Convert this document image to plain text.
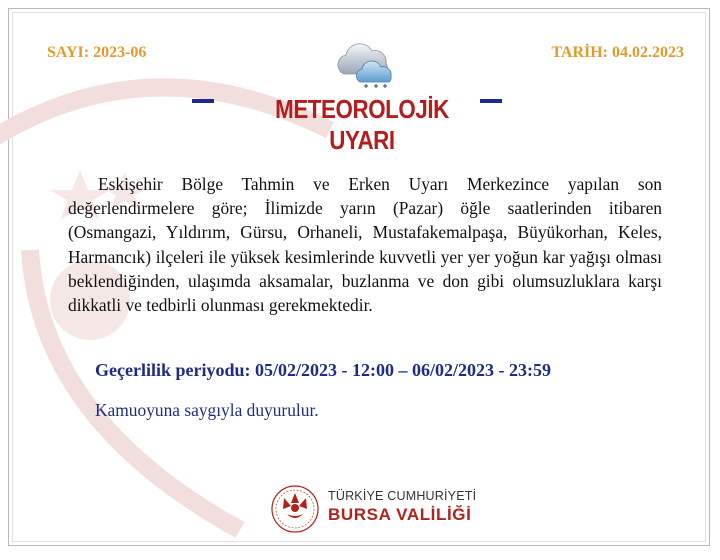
SAYI: 2023-06	TARİH: 04.02.2023
METEOROLOJİK UYARI
Eskişehir Bölge Tahmin ve Erken Uyarı Merkezince yapılan son değerlendirmelere göre; İlimizde yarın (Pazar) öğle saatlerinden itibaren (Osmangazi, Yıldırım, Gürsu, Orhaneli, Mustafakemalpaşa, Büyükorhan, Keles, Harmancık) ilçeleri ile yüksek kesimlerinde kuvvetli yer yer yoğun kar yağışı olması beklendiğinden, ulaşımda aksamalar, buzlanma ve don gibi olumsuzluklara karşı dikkatli ve tedbirli olunması gerekmektedir.
Geçerlilik periyodu: 05/02/2023 - 12:00 – 06/02/2023 - 23:59
Kamuoyuna saygıyla duyurulur.
TÜRKİYE CUMHURİYETİ
BURSA VALİLİĞİ
